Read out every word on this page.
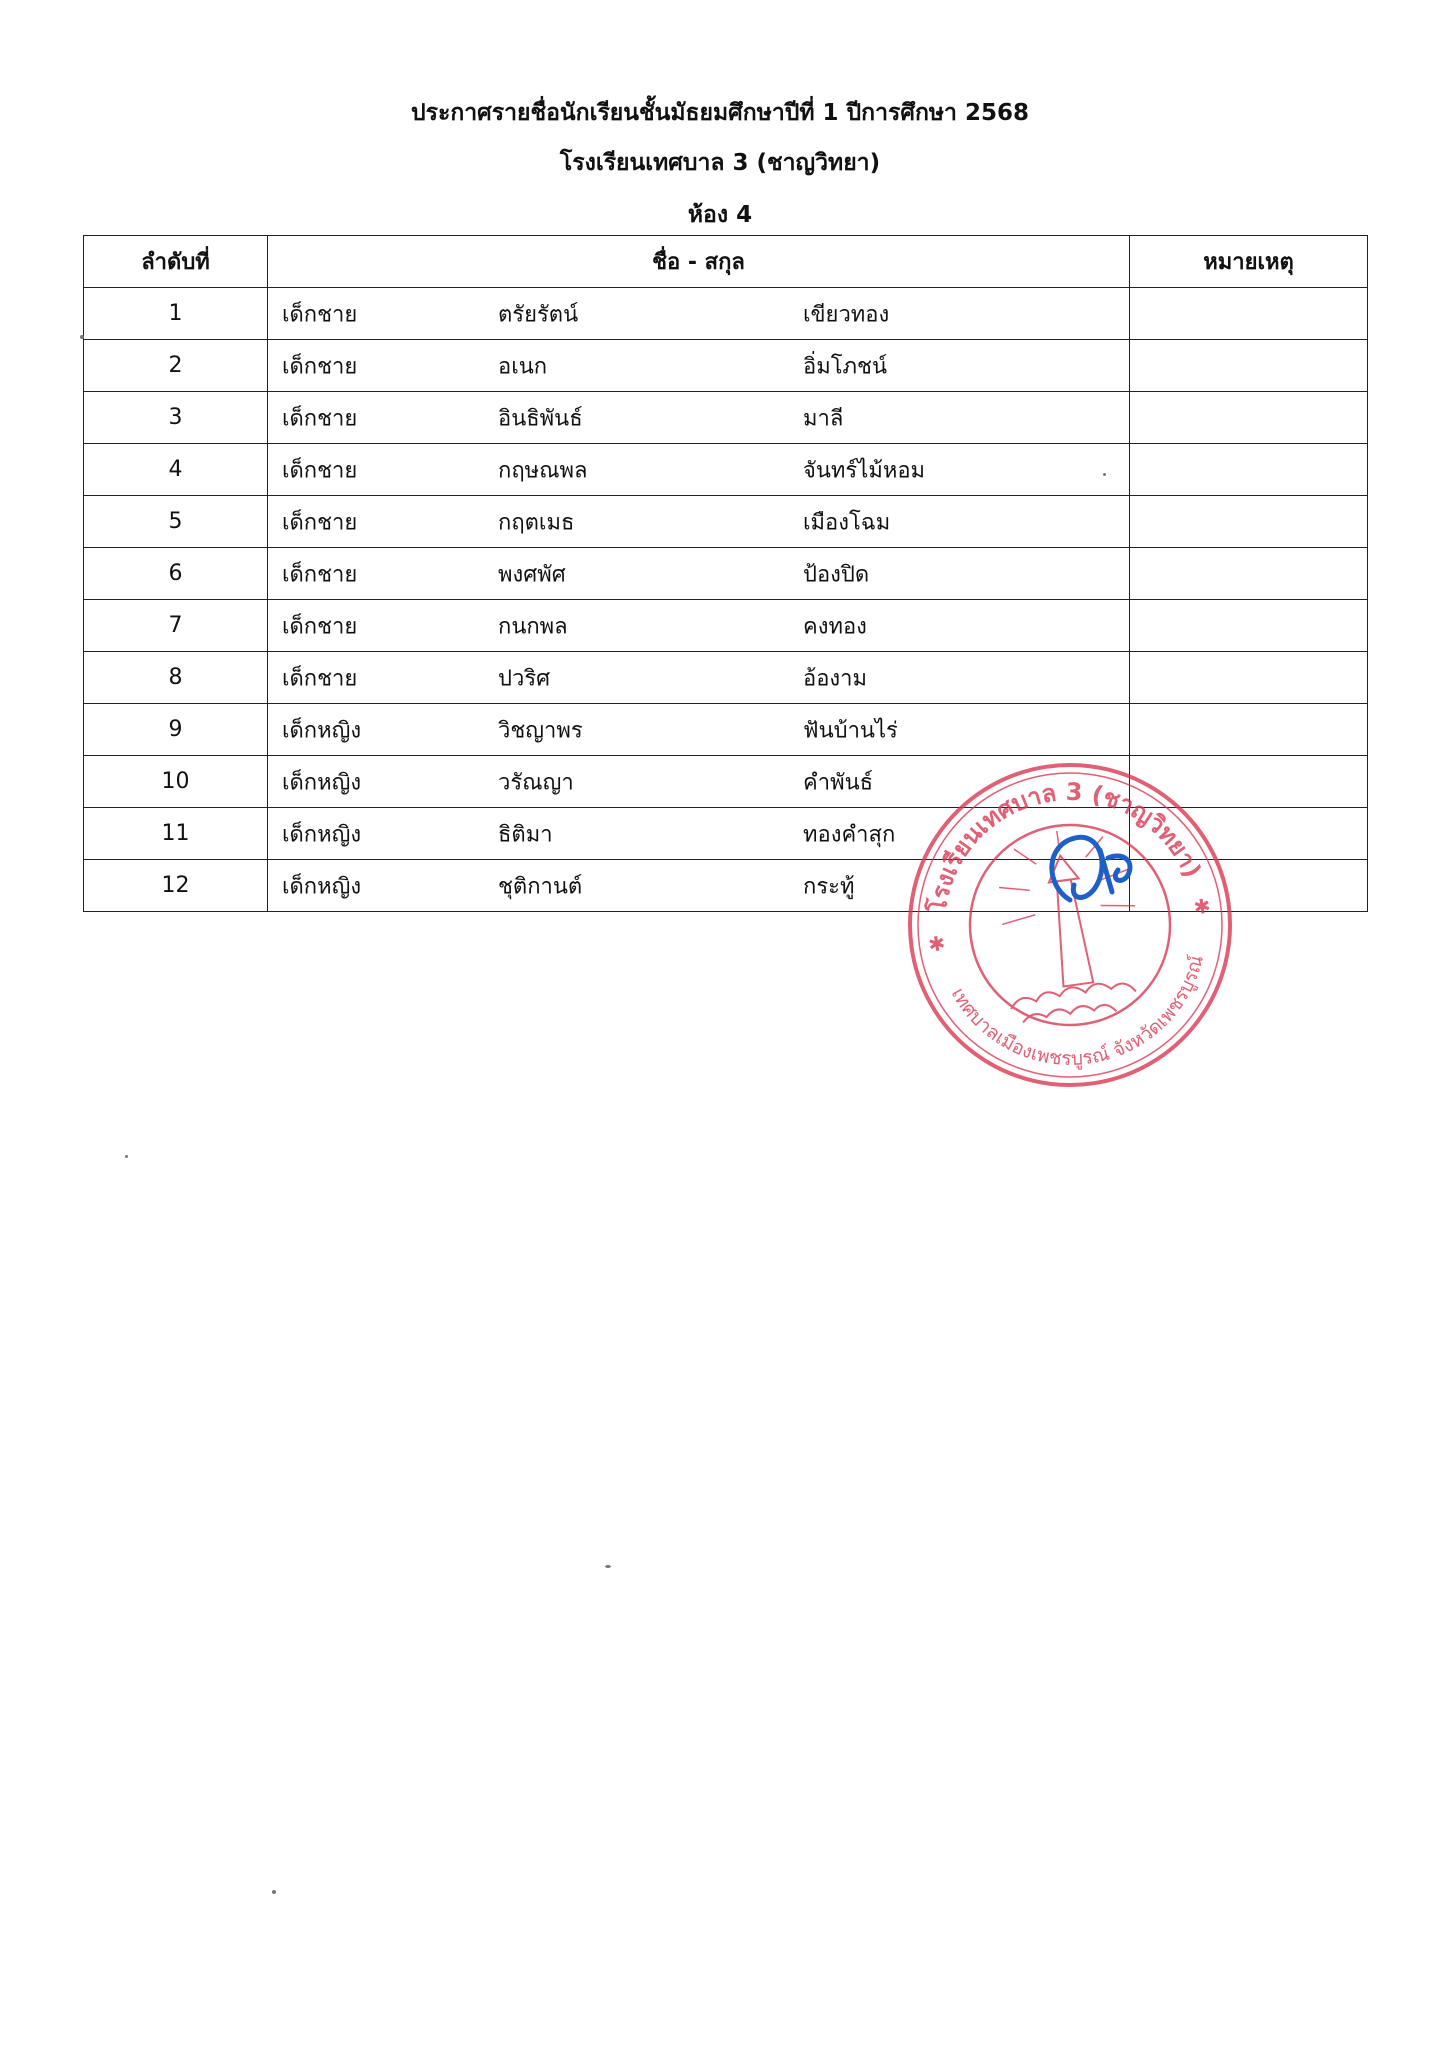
ประกาศรายชื่อนักเรียนชั้นมัธยมศึกษาปีที่ 1 ปีการศึกษา 2568
โรงเรียนเทศบาล 3 (ชาญวิทยา)
ห้อง 4
ลำดับที่	ชื่อ - สกุล	หมายเหตุ
1	เด็กชาย ตรัยรัตน์ เขียวทอง	

2	เด็กชาย อเนก อิ่มโภชน์	

3	เด็กชาย อินธิพันธ์ มาลี	

4	เด็กชาย กฤษณพล จันทร์ไม้หอม	

5	เด็กชาย กฤตเมธ เมืองโฉม	

6	เด็กชาย พงศพัศ ป้องปิด	

7	เด็กชาย กนกพล คงทอง	

8	เด็กชาย ปวริศ อ้องาม	

9	เด็กหญิง วิชญาพร ฟันบ้านไร่	

10	เด็กหญิง วรัณญา คำพันธ์	

11	เด็กหญิง ธิติมา ทองคำสุก	

12	เด็กหญิง ชุติกานต์ กระทู้	

✱
✱
โรงเรียนเทศบาล 3 (ชาญวิทยา)
เทศบาลเมืองเพชรบูรณ์ จังหวัดเพชรบูรณ์
